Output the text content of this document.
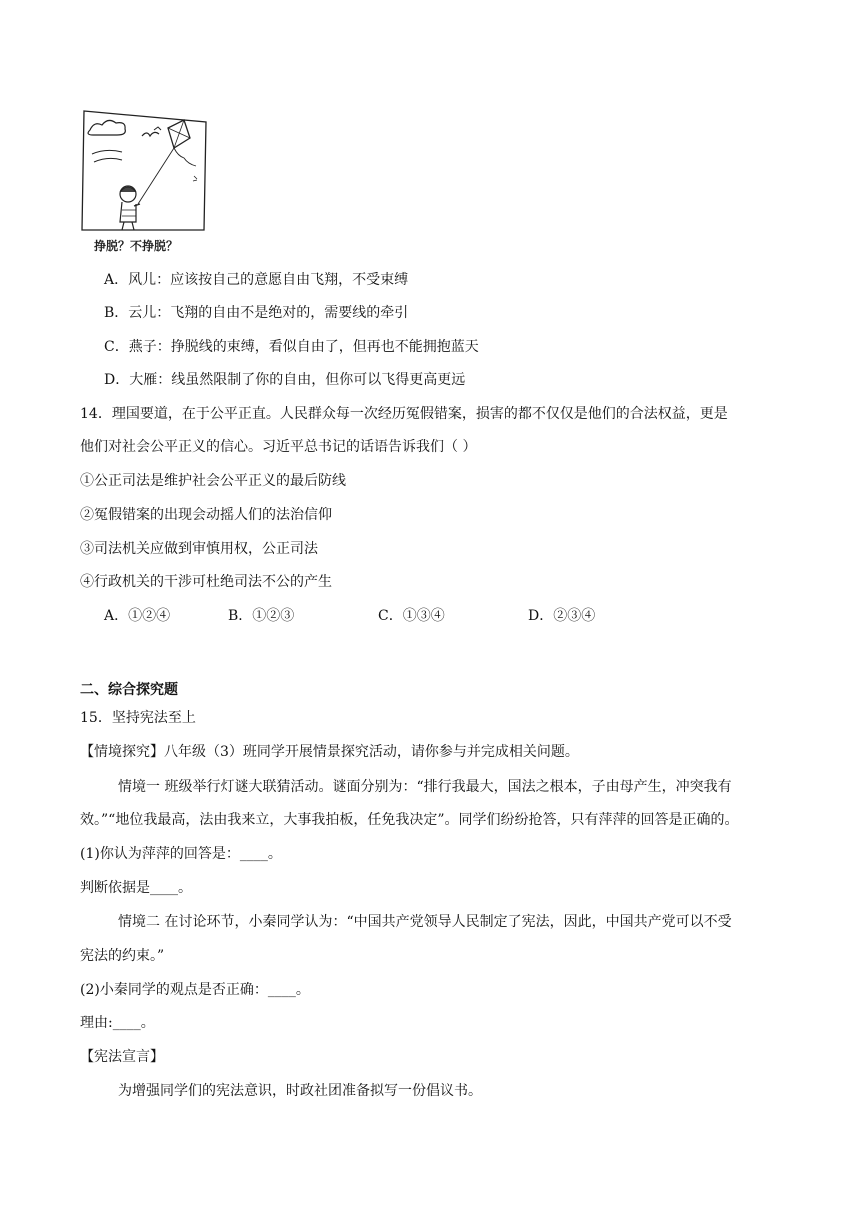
挣脱？不挣脱？
A．风儿：应该按自己的意愿自由飞翔，不受束缚
B．云儿：飞翔的自由不是绝对的，需要线的牵引
C．燕子：挣脱线的束缚，看似自由了，但再也不能拥抱蓝天
D．大雁：线虽然限制了你的自由，但你可以飞得更高更远
14．理国要道，在于公平正直。人民群众每一次经历冤假错案，损害的都不仅仅是他们的合法权益，更是
他们对社会公平正义的信心。习近平总书记的话语告诉我们（ ）
①公正司法是维护社会公平正义的最后防线
②冤假错案的出现会动摇人们的法治信仰
③司法机关应做到审慎用权，公正司法
④行政机关的干涉可杜绝司法不公的产生
A．①②④	B．①②③	C．①③④	D．②③④
二、综合探究题
15．坚持宪法至上
【情境探究】八年级（3）班同学开展情景探究活动，请你参与并完成相关问题。
情境一 班级举行灯谜大联猜活动。谜面分别为：“排行我最大，国法之根本，子由母产生，冲突我有
效。”“地位我最高，法由我来立，大事我拍板，任免我决定”。同学们纷纷抢答，只有萍萍的回答是正确的。
(1)你认为萍萍的回答是：____。
判断依据是____。
情境二 在讨论环节，小秦同学认为：“中国共产党领导人民制定了宪法，因此，中国共产党可以不受
宪法的约束。”
(2)小秦同学的观点是否正确：____。
理由:____。
【宪法宣言】
为增强同学们的宪法意识，时政社团准备拟写一份倡议书。
